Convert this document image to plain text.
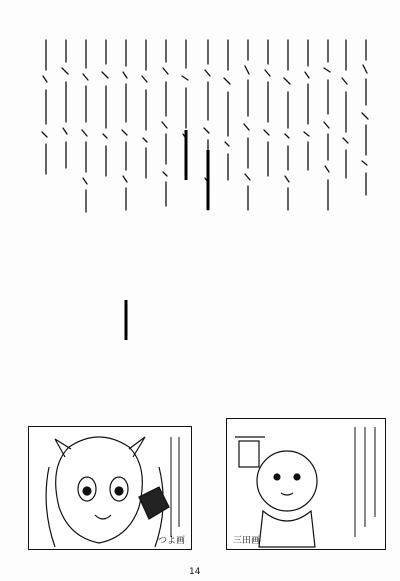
つよ画	三田画
14
